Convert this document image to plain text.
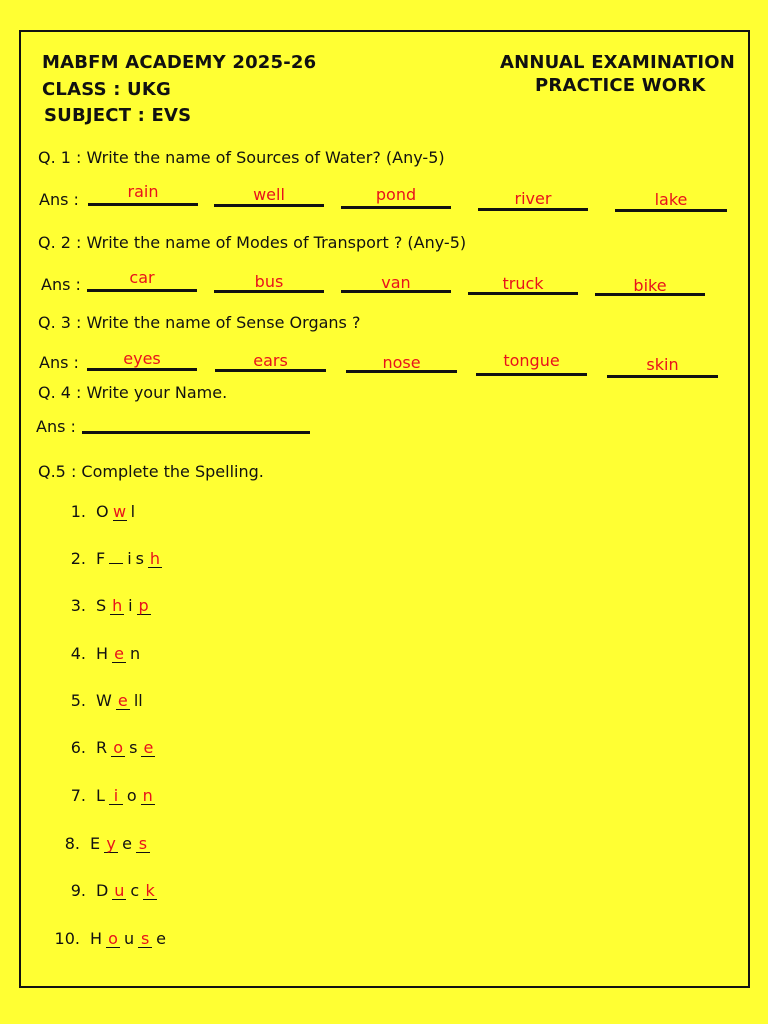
MABFM ACADEMY 2025-26
CLASS : UKG
SUBJECT : EVS
ANNUAL EXAMINATION
PRACTICE WORK
Q. 1 : Write the name of Sources of Water? (Any-5)
Ans :	rain	well	pond	river	lake
Q. 2 : Write the name of Modes of Transport ? (Any-5)
Ans :	car	bus	van	truck	bike
Q. 3 : Write the name of Sense Organs ?
Ans :	eyes	ears	nose	tongue	skin
Q. 4 : Write your Name.
Ans :
Q.5 : Complete the Spelling.
1. O w l
2. F i s h
3. S h i p
4. H e n
5. W e ll
6. R o s e
7. L i o n
8. E y e s
9. D u c k
10. H o u s e
